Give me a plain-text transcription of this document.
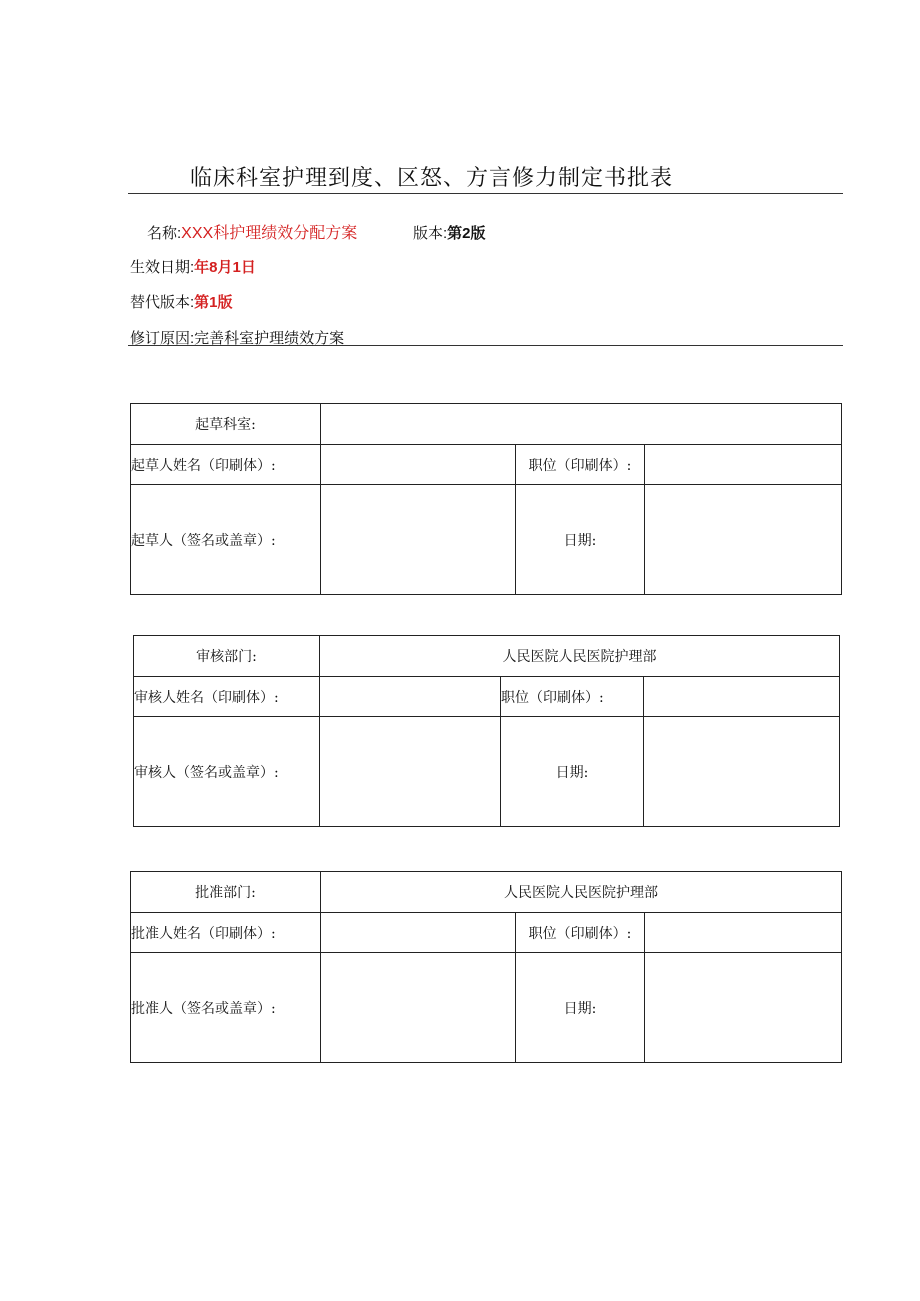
临床科室护理到度、区怒、方言修力制定书批表
名称:XXX科护理绩效分配方案	版本:第2版
生效日期:年8月1日
替代版本:第1版
修订原因:完善科室护理绩效方案
起草科室:			
起草人姓名（印刷体）:		职位（印刷体）:	
起草人（签名或盖章）:		日期:	
审核部门:	人民医院人民医院护理部		
审核人姓名（印刷体）:		职位（印刷体）:	
审核人（签名或盖章）:		日期:	
批准部门:	人民医院人民医院护理部		
批准人姓名（印刷体）:		职位（印刷体）:	
批准人（签名或盖章）:		日期:	
